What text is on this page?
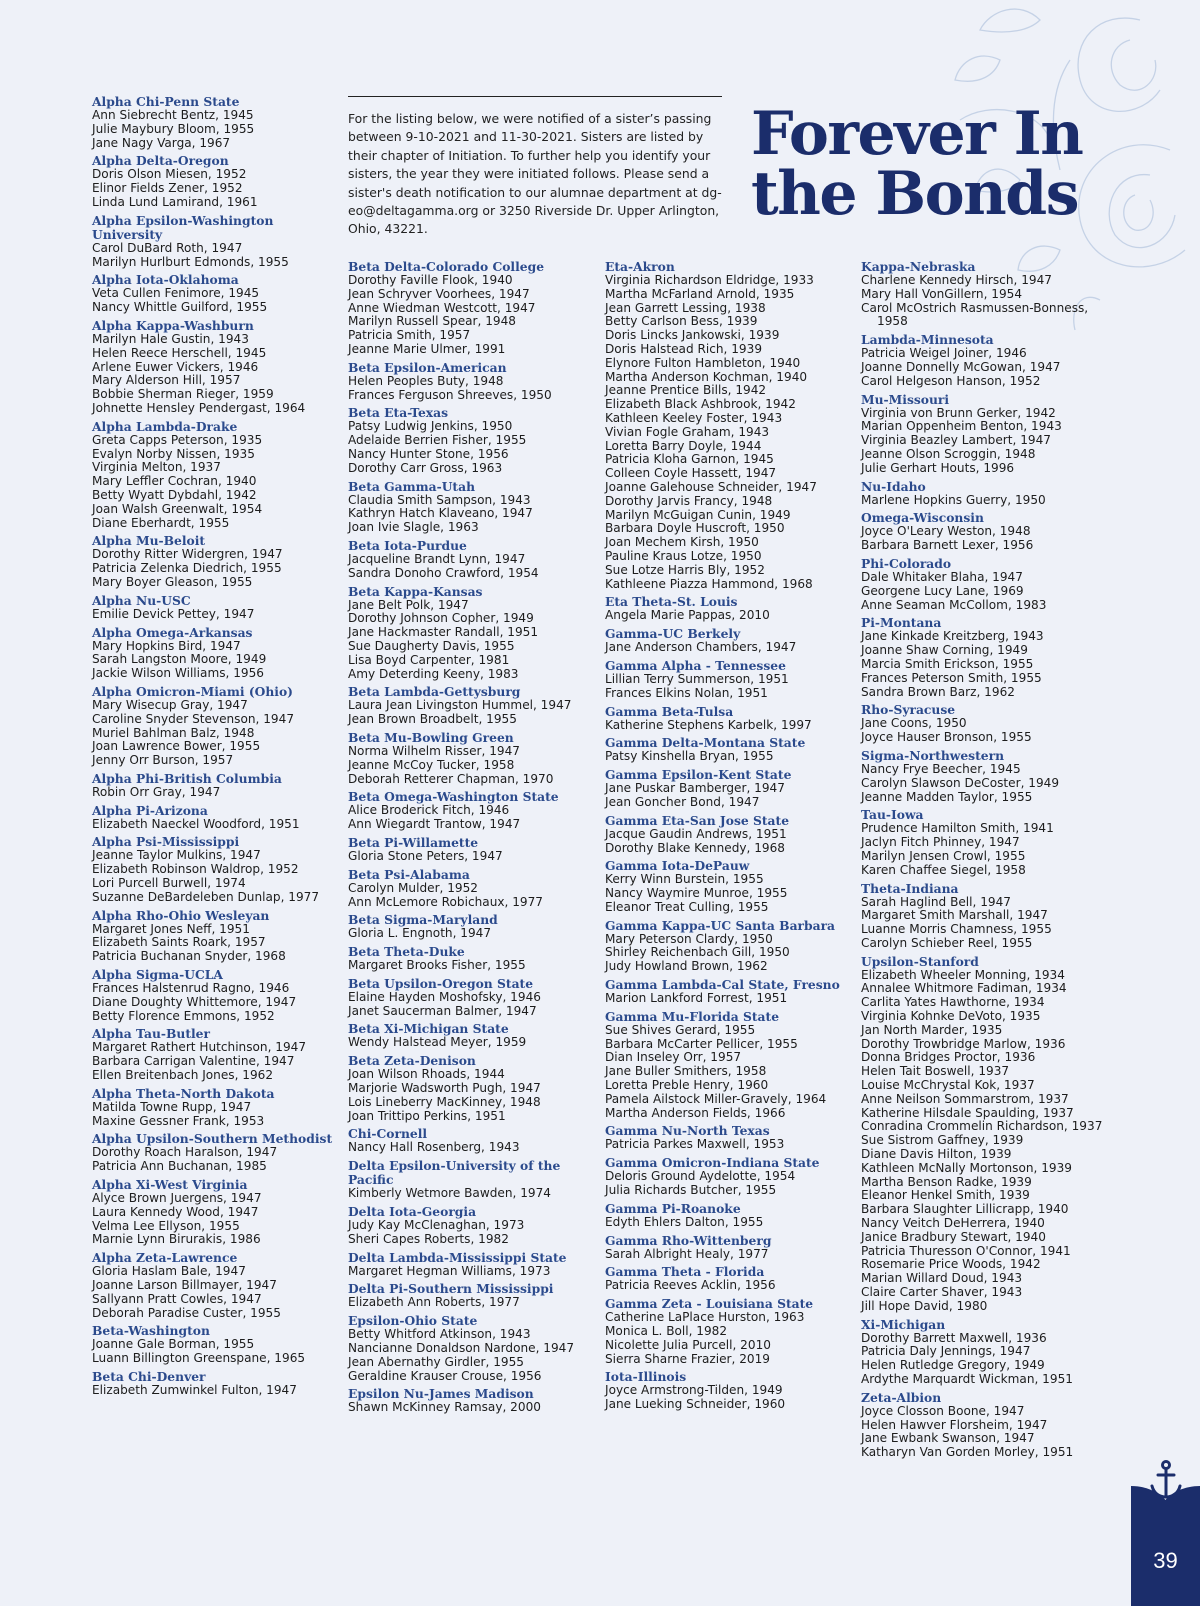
For the listing below, we were notified of a sister’s passing between 9-10-2021 and 11-30-2021. Sisters are listed by their chapter of Initiation. To further help you identify your sisters, the year they were initiated follows. Please send a sister's death notification to our alumnae department at dg-eo@deltagamma.org or 3250 Riverside Dr. Upper Arlington, Ohio, 43221.

Forever In
the Bonds
Alpha Chi-Penn State
Ann Siebrecht Bentz, 1945
Julie Maybury Bloom, 1955
Jane Nagy Varga, 1967
Alpha Delta-Oregon
Doris Olson Miesen, 1952
Elinor Fields Zener, 1952
Linda Lund Lamirand, 1961
Alpha Epsilon-Washington University
Carol DuBard Roth, 1947
Marilyn Hurlburt Edmonds, 1955
Alpha Iota-Oklahoma
Veta Cullen Fenimore, 1945
Nancy Whittle Guilford, 1955
Alpha Kappa-Washburn
Marilyn Hale Gustin, 1943
Helen Reece Herschell, 1945
Arlene Euwer Vickers, 1946
Mary Alderson Hill, 1957
Bobbie Sherman Rieger, 1959
Johnette Hensley Pendergast, 1964
Alpha Lambda-Drake
Greta Capps Peterson, 1935
Evalyn Norby Nissen, 1935
Virginia Melton, 1937
Mary Leffler Cochran, 1940
Betty Wyatt Dybdahl, 1942
Joan Walsh Greenwalt, 1954
Diane Eberhardt, 1955
Alpha Mu-Beloit
Dorothy Ritter Widergren, 1947
Patricia Zelenka Diedrich, 1955
Mary Boyer Gleason, 1955
Alpha Nu-USC
Emilie Devick Pettey, 1947
Alpha Omega-Arkansas
Mary Hopkins Bird, 1947
Sarah Langston Moore, 1949
Jackie Wilson Williams, 1956
Alpha Omicron-Miami (Ohio)
Mary Wisecup Gray, 1947
Caroline Snyder Stevenson, 1947
Muriel Bahlman Balz, 1948
Joan Lawrence Bower, 1955
Jenny Orr Burson, 1957
Alpha Phi-British Columbia
Robin Orr Gray, 1947
Alpha Pi-Arizona
Elizabeth Naeckel Woodford, 1951
Alpha Psi-Mississippi
Jeanne Taylor Mulkins, 1947
Elizabeth Robinson Waldrop, 1952
Lori Purcell Burwell, 1974
Suzanne DeBardeleben Dunlap, 1977
Alpha Rho-Ohio Wesleyan
Margaret Jones Neff, 1951
Elizabeth Saints Roark, 1957
Patricia Buchanan Snyder, 1968
Alpha Sigma-UCLA
Frances Halstenrud Ragno, 1946
Diane Doughty Whittemore, 1947
Betty Florence Emmons, 1952
Alpha Tau-Butler
Margaret Rathert Hutchinson, 1947
Barbara Carrigan Valentine, 1947
Ellen Breitenbach Jones, 1962
Alpha Theta-North Dakota
Matilda Towne Rupp, 1947
Maxine Gessner Frank, 1953
Alpha Upsilon-Southern Methodist
Dorothy Roach Haralson, 1947
Patricia Ann Buchanan, 1985
Alpha Xi-West Virginia
Alyce Brown Juergens, 1947
Laura Kennedy Wood, 1947
Velma Lee Ellyson, 1955
Marnie Lynn Birurakis, 1986
Alpha Zeta-Lawrence
Gloria Haslam Bale, 1947
Joanne Larson Billmayer, 1947
Sallyann Pratt Cowles, 1947
Deborah Paradise Custer, 1955
Beta-Washington
Joanne Gale Borman, 1955
Luann Billington Greenspane, 1965
Beta Chi-Denver
Elizabeth Zumwinkel Fulton, 1947
Beta Delta-Colorado College
Dorothy Faville Flook, 1940
Jean Schryver Voorhees, 1947
Anne Wiedman Westcott, 1947
Marilyn Russell Spear, 1948
Patricia Smith, 1957
Jeanne Marie Ulmer, 1991
Beta Epsilon-American
Helen Peoples Buty, 1948
Frances Ferguson Shreeves, 1950
Beta Eta-Texas
Patsy Ludwig Jenkins, 1950
Adelaide Berrien Fisher, 1955
Nancy Hunter Stone, 1956
Dorothy Carr Gross, 1963
Beta Gamma-Utah
Claudia Smith Sampson, 1943
Kathryn Hatch Klaveano, 1947
Joan Ivie Slagle, 1963
Beta Iota-Purdue
Jacqueline Brandt Lynn, 1947
Sandra Donoho Crawford, 1954
Beta Kappa-Kansas
Jane Belt Polk, 1947
Dorothy Johnson Copher, 1949
Jane Hackmaster Randall, 1951
Sue Daugherty Davis, 1955
Lisa Boyd Carpenter, 1981
Amy Deterding Keeny, 1983
Beta Lambda-Gettysburg
Laura Jean Livingston Hummel, 1947
Jean Brown Broadbelt, 1955
Beta Mu-Bowling Green
Norma Wilhelm Risser, 1947
Jeanne McCoy Tucker, 1958
Deborah Retterer Chapman, 1970
Beta Omega-Washington State
Alice Broderick Fitch, 1946
Ann Wiegardt Trantow, 1947
Beta Pi-Willamette
Gloria Stone Peters, 1947
Beta Psi-Alabama
Carolyn Mulder, 1952
Ann McLemore Robichaux, 1977
Beta Sigma-Maryland
Gloria L. Engnoth, 1947
Beta Theta-Duke
Margaret Brooks Fisher, 1955
Beta Upsilon-Oregon State
Elaine Hayden Moshofsky, 1946
Janet Saucerman Balmer, 1947
Beta Xi-Michigan State
Wendy Halstead Meyer, 1959
Beta Zeta-Denison
Joan Wilson Rhoads, 1944
Marjorie Wadsworth Pugh, 1947
Lois Lineberry MacKinney, 1948
Joan Trittipo Perkins, 1951
Chi-Cornell
Nancy Hall Rosenberg, 1943
Delta Epsilon-University of the Pacific
Kimberly Wetmore Bawden, 1974
Delta Iota-Georgia
Judy Kay McClenaghan, 1973
Sheri Capes Roberts, 1982
Delta Lambda-Mississippi State
Margaret Hegman Williams, 1973
Delta Pi-Southern Mississippi
Elizabeth Ann Roberts, 1977
Epsilon-Ohio State
Betty Whitford Atkinson, 1943
Nancianne Donaldson Nardone, 1947
Jean Abernathy Girdler, 1955
Geraldine Krauser Crouse, 1956
Epsilon Nu-James Madison
Shawn McKinney Ramsay, 2000
Eta-Akron
Virginia Richardson Eldridge, 1933
Martha McFarland Arnold, 1935
Jean Garrett Lessing, 1938
Betty Carlson Bess, 1939
Doris Lincks Jankowski, 1939
Doris Halstead Rich, 1939
Elynore Fulton Hambleton, 1940
Martha Anderson Kochman, 1940
Jeanne Prentice Bills, 1942
Elizabeth Black Ashbrook, 1942
Kathleen Keeley Foster, 1943
Vivian Fogle Graham, 1943
Loretta Barry Doyle, 1944
Patricia Kloha Garnon, 1945
Colleen Coyle Hassett, 1947
Joanne Galehouse Schneider, 1947
Dorothy Jarvis Francy, 1948
Marilyn McGuigan Cunin, 1949
Barbara Doyle Huscroft, 1950
Joan Mechem Kirsh, 1950
Pauline Kraus Lotze, 1950
Sue Lotze Harris Bly, 1952
Kathleene Piazza Hammond, 1968
Eta Theta-St. Louis
Angela Marie Pappas, 2010
Gamma-UC Berkely
Jane Anderson Chambers, 1947
Gamma Alpha - Tennessee
Lillian Terry Summerson, 1951
Frances Elkins Nolan, 1951
Gamma Beta-Tulsa
Katherine Stephens Karbelk, 1997
Gamma Delta-Montana State
Patsy Kinshella Bryan, 1955
Gamma Epsilon-Kent State
Jane Puskar Bamberger, 1947
Jean Goncher Bond, 1947
Gamma Eta-San Jose State
Jacque Gaudin Andrews, 1951
Dorothy Blake Kennedy, 1968
Gamma Iota-DePauw
Kerry Winn Burstein, 1955
Nancy Waymire Munroe, 1955
Eleanor Treat Culling, 1955
Gamma Kappa-UC Santa Barbara
Mary Peterson Clardy, 1950
Shirley Reichenbach Gill, 1950
Judy Howland Brown, 1962
Gamma Lambda-Cal State, Fresno
Marion Lankford Forrest, 1951
Gamma Mu-Florida State
Sue Shives Gerard, 1955
Barbara McCarter Pellicer, 1955
Dian Inseley Orr, 1957
Jane Buller Smithers, 1958
Loretta Preble Henry, 1960
Pamela Ailstock Miller-Gravely, 1964
Martha Anderson Fields, 1966
Gamma Nu-North Texas
Patricia Parkes Maxwell, 1953
Gamma Omicron-Indiana State
Deloris Ground Aydelotte, 1954
Julia Richards Butcher, 1955
Gamma Pi-Roanoke
Edyth Ehlers Dalton, 1955
Gamma Rho-Wittenberg
Sarah Albright Healy, 1977
Gamma Theta - Florida
Patricia Reeves Acklin, 1956
Gamma Zeta - Louisiana State
Catherine LaPlace Hurston, 1963
Monica L. Boll, 1982
Nicolette Julia Purcell, 2010
Sierra Sharne Frazier, 2019
Iota-Illinois
Joyce Armstrong-Tilden, 1949
Jane Lueking Schneider, 1960
Kappa-Nebraska
Charlene Kennedy Hirsch, 1947
Mary Hall VonGillern, 1954
Carol McOstrich Rasmussen-Bonness, 1958
Lambda-Minnesota
Patricia Weigel Joiner, 1946
Joanne Donnelly McGowan, 1947
Carol Helgeson Hanson, 1952
Mu-Missouri
Virginia von Brunn Gerker, 1942
Marian Oppenheim Benton, 1943
Virginia Beazley Lambert, 1947
Jeanne Olson Scroggin, 1948
Julie Gerhart Houts, 1996
Nu-Idaho
Marlene Hopkins Guerry, 1950
Omega-Wisconsin
Joyce O'Leary Weston, 1948
Barbara Barnett Lexer, 1956
Phi-Colorado
Dale Whitaker Blaha, 1947
Georgene Lucy Lane, 1969
Anne Seaman McCollom, 1983
Pi-Montana
Jane Kinkade Kreitzberg, 1943
Joanne Shaw Corning, 1949
Marcia Smith Erickson, 1955
Frances Peterson Smith, 1955
Sandra Brown Barz, 1962
Rho-Syracuse
Jane Coons, 1950
Joyce Hauser Bronson, 1955
Sigma-Northwestern
Nancy Frye Beecher, 1945
Carolyn Slawson DeCoster, 1949
Jeanne Madden Taylor, 1955
Tau-Iowa
Prudence Hamilton Smith, 1941
Jaclyn Fitch Phinney, 1947
Marilyn Jensen Crowl, 1955
Karen Chaffee Siegel, 1958
Theta-Indiana
Sarah Haglind Bell, 1947
Margaret Smith Marshall, 1947
Luanne Morris Chamness, 1955
Carolyn Schieber Reel, 1955
Upsilon-Stanford
Elizabeth Wheeler Monning, 1934
Annalee Whitmore Fadiman, 1934
Carlita Yates Hawthorne, 1934
Virginia Kohnke DeVoto, 1935
Jan North Marder, 1935
Dorothy Trowbridge Marlow, 1936
Donna Bridges Proctor, 1936
Helen Tait Boswell, 1937
Louise McChrystal Kok, 1937
Anne Neilson Sommarstrom, 1937
Katherine Hilsdale Spaulding, 1937
Conradina Crommelin Richardson, 1937
Sue Sistrom Gaffney, 1939
Diane Davis Hilton, 1939
Kathleen McNally Mortonson, 1939
Martha Benson Radke, 1939
Eleanor Henkel Smith, 1939
Barbara Slaughter Lillicrapp, 1940
Nancy Veitch DeHerrera, 1940
Janice Bradbury Stewart, 1940
Patricia Thuresson O'Connor, 1941
Rosemarie Price Woods, 1942
Marian Willard Doud, 1943
Claire Carter Shaver, 1943
Jill Hope David, 1980
Xi-Michigan
Dorothy Barrett Maxwell, 1936
Patricia Daly Jennings, 1947
Helen Rutledge Gregory, 1949
Ardythe Marquardt Wickman, 1951
Zeta-Albion
Joyce Closson Boone, 1947
Helen Hawver Florsheim, 1947
Jane Ewbank Swanson, 1947
Katharyn Van Gorden Morley, 1951
39
